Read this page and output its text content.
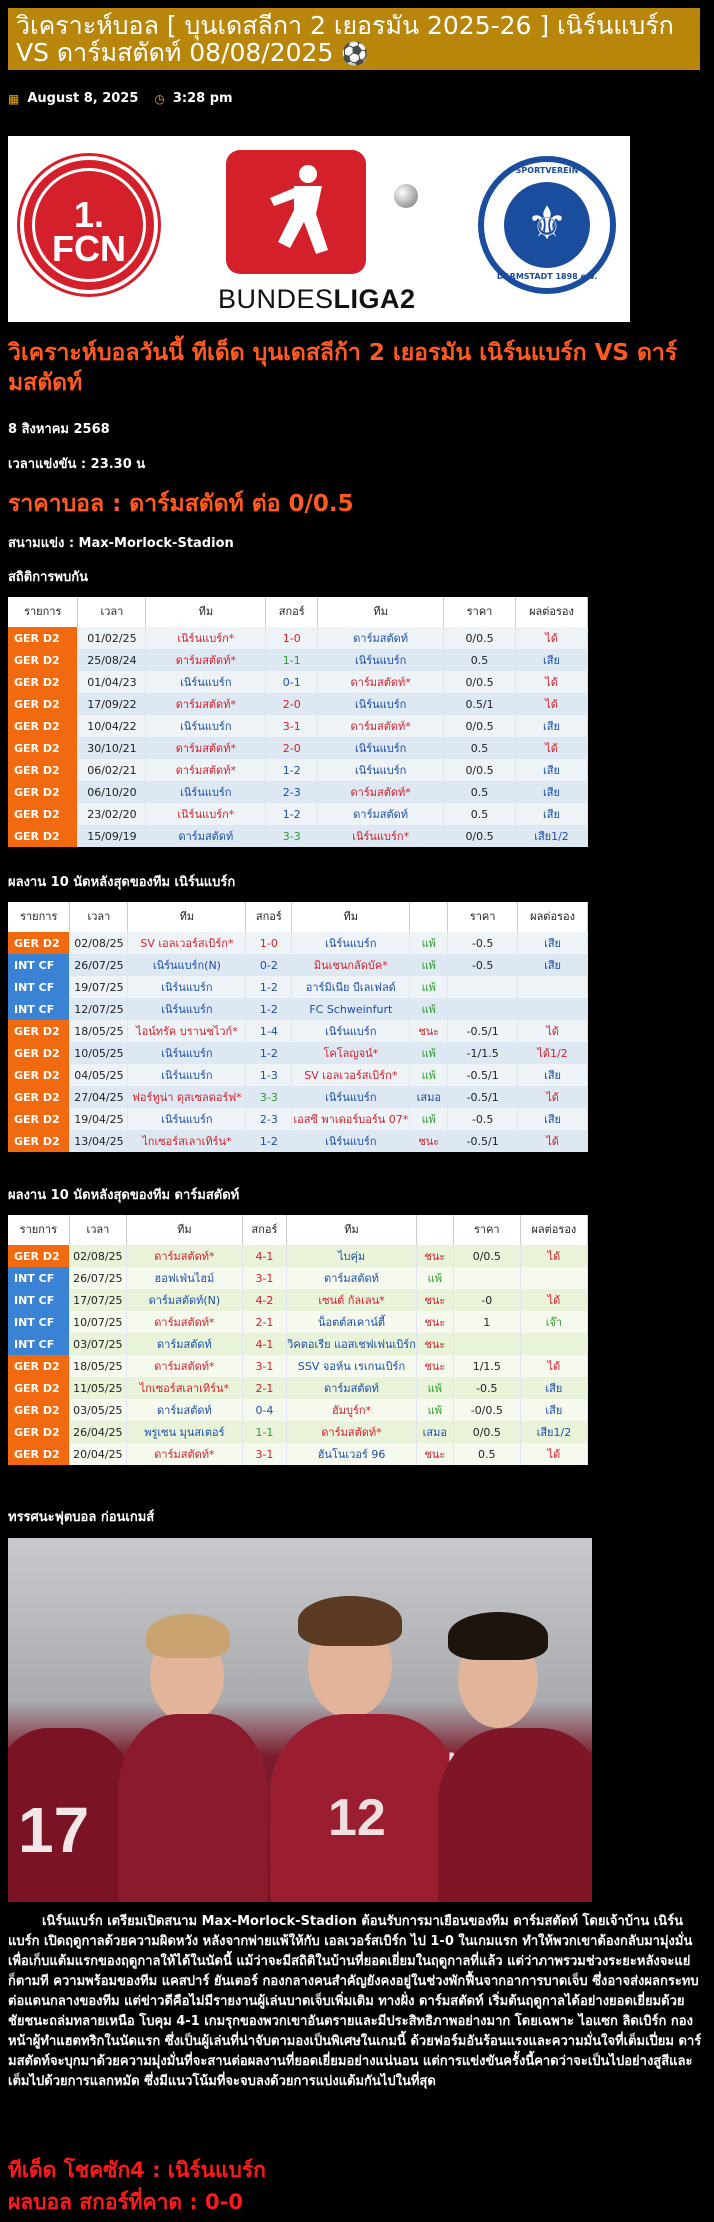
วิเคราะห์บอล [ บุนเดสลีกา 2 เยอรมัน 2025-26 ] เนิร์นแบร์ก VS ดาร์มสตัดท์ 08/08/2025 ⚽
▦ August 8, 2025 ◷ 3:28 pm
1.
FCN
BUNDESLIGA2
SPORTVEREIN
⚜
DARMSTADT 1898 e.V.
วิเคราะห์บอลวันนี้ ทีเด็ด บุนเดสลีก้า 2 เยอรมัน เนิร์นแบร์ก VS ดาร์มสตัดท์
8 สิงหาคม 2568
เวลาแข่งขัน : 23.30 น
ราคาบอล : ดาร์มสตัดท์ ต่อ 0/0.5
สนามแข่ง : Max-Morlock-Stadion
สถิติการพบกัน
รายการ	เวลา	ทีม	สกอร์	ทีม	ราคา	ผลต่อรอง
GER D2	01/02/25	เนิร์นแบร์ก*	1-0	ดาร์มสตัดท์	0/0.5	ได้
GER D2	25/08/24	ดาร์มสตัดท์*	1-1	เนิร์นแบร์ก	0.5	เสีย
GER D2	01/04/23	เนิร์นแบร์ก	0-1	ดาร์มสตัดท์*	0/0.5	ได้
GER D2	17/09/22	ดาร์มสตัดท์*	2-0	เนิร์นแบร์ก	0.5/1	ได้
GER D2	10/04/22	เนิร์นแบร์ก	3-1	ดาร์มสตัดท์*	0/0.5	เสีย
GER D2	30/10/21	ดาร์มสตัดท์*	2-0	เนิร์นแบร์ก	0.5	ได้
GER D2	06/02/21	ดาร์มสตัดท์*	1-2	เนิร์นแบร์ก	0/0.5	เสีย
GER D2	06/10/20	เนิร์นแบร์ก	2-3	ดาร์มสตัดท์*	0.5	เสีย
GER D2	23/02/20	เนิร์นแบร์ก*	1-2	ดาร์มสตัดท์	0.5	เสีย
GER D2	15/09/19	ดาร์มสตัดท์	3-3	เนิร์นแบร์ก*	0/0.5	เสีย1/2
ผลงาน 10 นัดหลังสุดของทีม เนิร์นแบร์ก
รายการ	เวลา	ทีม	สกอร์	ทีม		ราคา	ผลต่อรอง
GER D2	02/08/25	SV เอลเวอร์สเบิร์ก*	1-0	เนิร์นแบร์ก	แพ้	-0.5	เสีย
INT CF	26/07/25	เนิร์นแบร์ก(N)	0-2	มินเชนกลัดบัค*	แพ้	-0.5	เสีย
INT CF	19/07/25	เนิร์นแบร์ก	1-2	อาร์มิเนีย บีเลเฟลด์	แพ้		
INT CF	12/07/25	เนิร์นแบร์ก	1-2	FC Schweinfurt	แพ้		
GER D2	18/05/25	ไอน์ทรัค บรานชไวก์*	1-4	เนิร์นแบร์ก	ชนะ	-0.5/1	ได้
GER D2	10/05/25	เนิร์นแบร์ก	1-2	โคโลญจน์*	แพ้	-1/1.5	ได้1/2
GER D2	04/05/25	เนิร์นแบร์ก	1-3	SV เอลเวอร์สเบิร์ก*	แพ้	-0.5/1	เสีย
GER D2	27/04/25	ฟอร์ทูน่า ดุสเซลดอร์ฟ*	3-3	เนิร์นแบร์ก	เสมอ	-0.5/1	ได้
GER D2	19/04/25	เนิร์นแบร์ก	2-3	เอสซี พาเดอร์บอร์น 07*	แพ้	-0.5	เสีย
GER D2	13/04/25	ไกเซอร์สเลาเทิร์น*	1-2	เนิร์นแบร์ก	ชนะ	-0.5/1	ได้
ผลงาน 10 นัดหลังสุดของทีม ดาร์มสตัดท์
รายการ	เวลา	ทีม	สกอร์	ทีม		ราคา	ผลต่อรอง
GER D2	02/08/25	ดาร์มสตัดท์*	4-1	ไบคุ่ม	ชนะ	0/0.5	ได้
INT CF	26/07/25	ฮอฟเฟ่นไฮม์	3-1	ดาร์มสตัดท์	แพ้		
INT CF	17/07/25	ดาร์มสตัดท์(N)	4-2	เซนต์ กัลเลน*	ชนะ	-0	ได้
INT CF	10/07/25	ดาร์มสตัดท์*	2-1	น็อตต์สเคาน์ตี้	ชนะ	1	เจ๊า
INT CF	03/07/25	ดาร์มสตัดท์	4-1	วิคตอเรีย แอสเชฟเฟนเบิร์ก	ชนะ		
GER D2	18/05/25	ดาร์มสตัดท์*	3-1	SSV จอห์น เรเกนเบิร์ก	ชนะ	1/1.5	ได้
GER D2	11/05/25	ไกเซอร์สเลาเทิร์น*	2-1	ดาร์มสตัดท์	แพ้	-0.5	เสีย
GER D2	03/05/25	ดาร์มสตัดท์	0-4	ฮัมบูร์ก*	แพ้	-0/0.5	เสีย
GER D2	26/04/25	พรูเซน มุนสเตอร์	1-1	ดาร์มสตัดท์*	เสมอ	0/0.5	เสีย1/2
GER D2	20/04/25	ดาร์มสตัดท์*	3-1	ฮันโนเวอร์ 96	ชนะ	0.5	ได้
ทรรศนะฟุตบอล ก่อนเกมส์
17	12
เนิร์นแบร์ก เตรียมเปิดสนาม Max-Morlock-Stadion ต้อนรับการมาเยือนของทีม ดาร์มสตัดท์ โดยเจ้าบ้าน เนิร์นแบร์ก เปิดฤดูกาลด้วยความผิดหวัง หลังจากพ่ายแพ้ให้กับ เอลเวอร์สเบิร์ก ไป 1-0 ในเกมแรก ทำให้พวกเขาต้องกลับมามุ่งมั่นเพื่อเก็บแต้มแรกของฤดูกาลให้ได้ในนัดนี้ แม้ว่าจะมีสถิติในบ้านที่ยอดเยี่ยมในฤดูกาลที่แล้ว แต่ว่าภาพรวมช่วงระยะหลังจะแย่ก็ตามที ความพร้อมของทีม แคสปาร์ ยันเตอร์ กองกลางคนสำคัญยังคงอยู่ในช่วงพักฟื้นจากอาการบาดเจ็บ ซึ่งอาจส่งผลกระทบต่อแดนกลางของทีม แต่ข่าวดีคือไม่มีรายงานผู้เล่นบาดเจ็บเพิ่มเติม ทางฝั่ง ดาร์มสตัดท์ เริ่มต้นฤดูกาลได้อย่างยอดเยี่ยมด้วยชัยชนะถล่มทลายเหนือ โบคุม 4-1 เกมรุกของพวกเขาอันตรายและมีประสิทธิภาพอย่างมาก โดยเฉพาะ ไอแซก ลิดเบิร์ก กองหน้าผู้ทำแฮตทริกในนัดแรก ซึ่งเป็นผู้เล่นที่น่าจับตามองเป็นพิเศษในเกมนี้ ด้วยฟอร์มอันร้อนแรงและความมั่นใจที่เต็มเปี่ยม ดาร์มสตัดท์จะบุกมาด้วยความมุ่งมั่นที่จะสานต่อผลงานที่ยอดเยี่ยมอย่างแน่นอน แต่การแข่งขันครั้งนี้คาดว่าจะเป็นไปอย่างสูสีและเต็มไปด้วยการแลกหมัด ซึ่งมีแนวโน้มที่จะจบลงด้วยการแบ่งแต้มกันไปในที่สุด
ทีเด็ด โชคซัก4 : เนิร์นแบร์ก
ผลบอล สกอร์ที่คาด : 0-0
